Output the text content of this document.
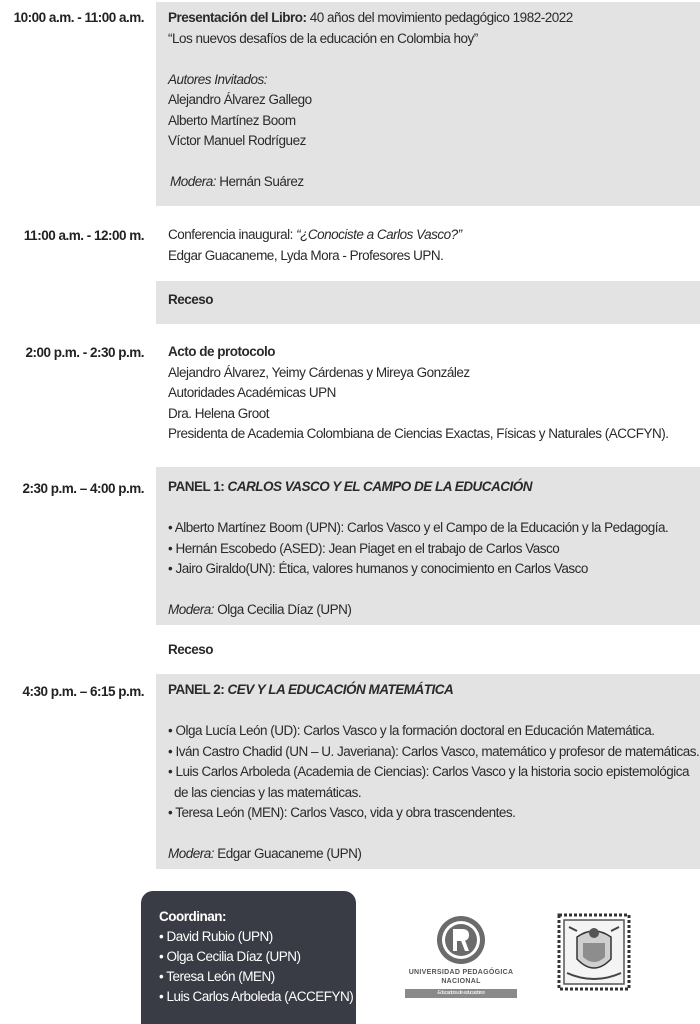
10:00 a.m. - 11:00 a.m. Presentación del Libro: 40 años del movimiento pedagógico 1982-2022
“Los nuevos desafíos de la educación en Colombia hoy”
Autores Invitados:
Alejandro Álvarez Gallego
Alberto Martínez Boom
Víctor Manuel Rodríguez
Modera: Hernán Suárez
11:00 a.m. - 12:00 m. Conferencia inaugural: “¿Conociste a Carlos Vasco?”
Edgar Guacaneme, Lyda Mora - Profesores UPN.
Receso
2:00 p.m. - 2:30 p.m. Acto de protocolo
Alejandro Álvarez, Yeimy Cárdenas y Mireya González
Autoridades Académicas UPN
Dra. Helena Groot
Presidenta de Academia Colombiana de Ciencias Exactas, Físicas y Naturales (ACCFYN).
2:30 p.m. – 4:00 p.m. PANEL 1: CARLOS VASCO Y EL CAMPO DE LA EDUCACIÓN
• Alberto Martínez Boom (UPN): Carlos Vasco y el Campo de la Educación y la Pedagogía.
• Hernán Escobedo (ASED): Jean Piaget en el trabajo de Carlos Vasco
• Jairo Giraldo(UN): Ética, valores humanos y conocimiento en Carlos Vasco
Modera: Olga Cecilia Díaz (UPN)
Receso
4:30 p.m. – 6:15 p.m. PANEL 2: CEV Y LA EDUCACIÓN MATEMÁTICA
• Olga Lucía León (UD): Carlos Vasco y la formación doctoral en Educación Matemática.
• Iván Castro Chadid (UN – U. Javeriana): Carlos Vasco, matemático y profesor de matemáticas.
• Luis Carlos Arboleda (Academia de Ciencias): Carlos Vasco y la historia socio epistemológica
de las ciencias y las matemáticas.
• Teresa León (MEN): Carlos Vasco, vida y obra trascendentes.
Modera: Edgar Guacaneme (UPN)
Coordinan:
• David Rubio (UPN)
• Olga Cecilia Díaz (UPN)
• Teresa León (MEN)
• Luis Carlos Arboleda (ACCEFYN)
UNIVERSIDAD PEDAGÓGICA
NACIONAL
Educadora de educadores
